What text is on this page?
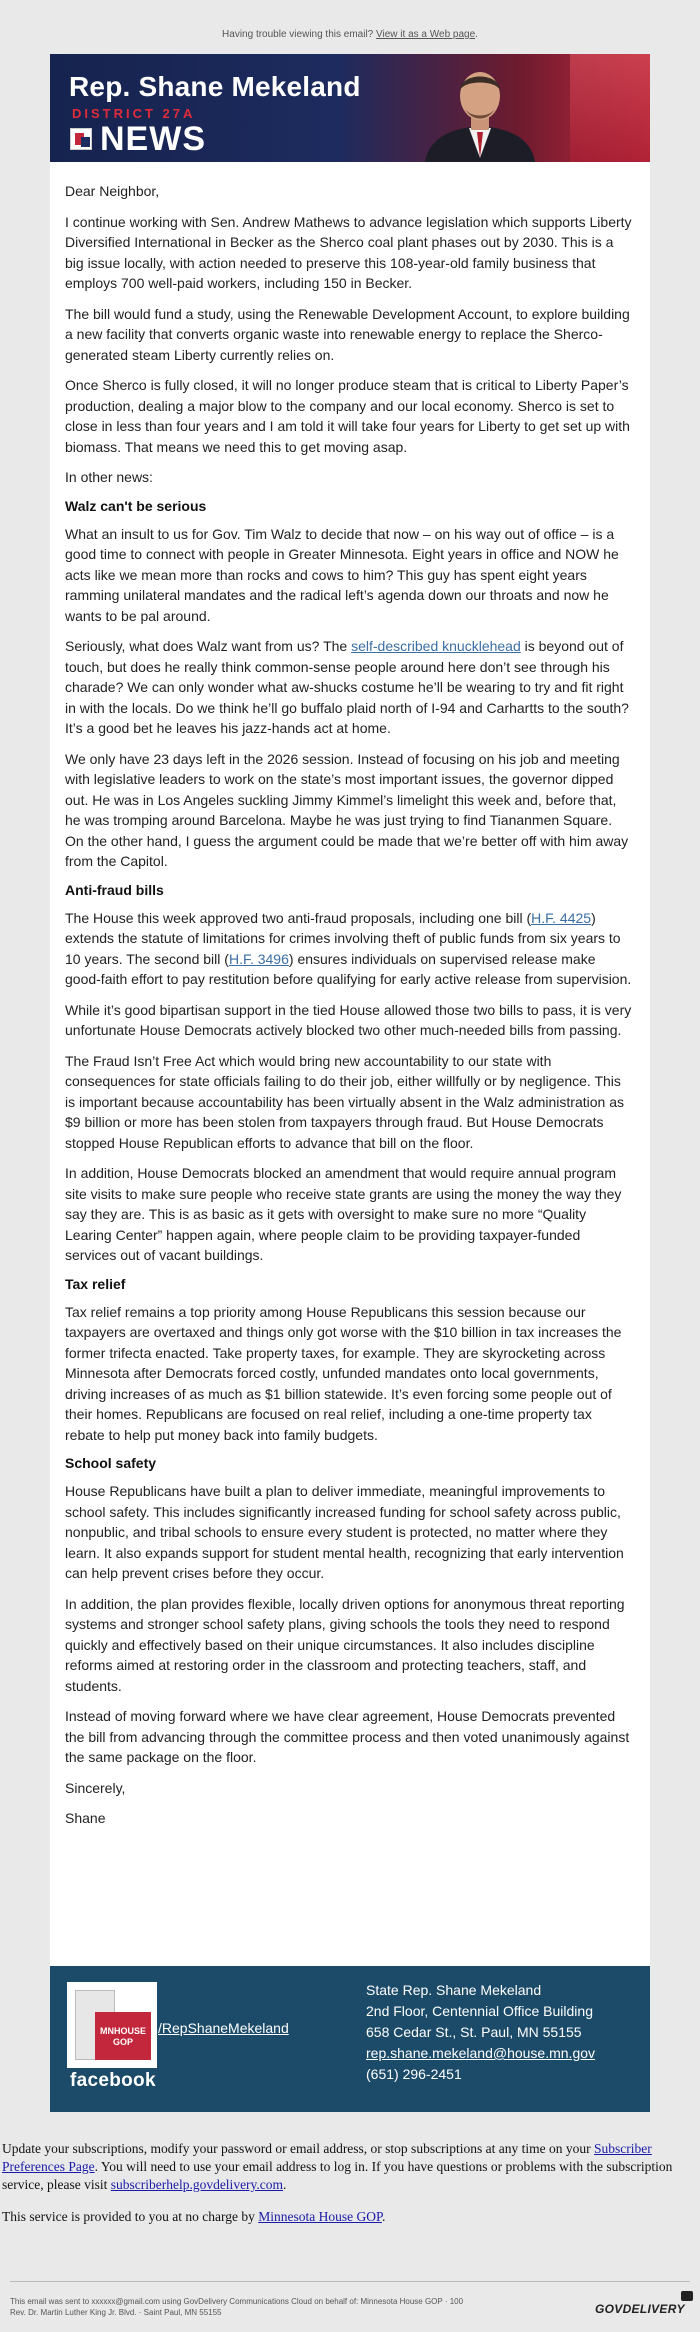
Having trouble viewing this email? View it as a Web page.
Rep. Shane Mekeland
DISTRICT 27A
NEWS

Dear Neighbor,

I continue working with Sen. Andrew Mathews to advance legislation which supports Liberty Diversified International in Becker as the Sherco coal plant phases out by 2030. This is a big issue locally, with action needed to preserve this 108-year-old family business that employs 700 well-paid workers, including 150 in Becker.

The bill would fund a study, using the Renewable Development Account, to explore building a new facility that converts organic waste into renewable energy to replace the Sherco-generated steam Liberty currently relies on.

Once Sherco is fully closed, it will no longer produce steam that is critical to Liberty Paper’s production, dealing a major blow to the company and our local economy. Sherco is set to close in less than four years and I am told it will take four years for Liberty to get set up with biomass. That means we need this to get moving asap.

In other news:

Walz can't be serious

What an insult to us for Gov. Tim Walz to decide that now – on his way out of office – is a good time to connect with people in Greater Minnesota. Eight years in office and NOW he acts like we mean more than rocks and cows to him? This guy has spent eight years ramming unilateral mandates and the radical left’s agenda down our throats and now he wants to be pal around.

Seriously, what does Walz want from us? The self-described knucklehead is beyond out of touch, but does he really think common-sense people around here don’t see through his charade? We can only wonder what aw-shucks costume he’ll be wearing to try and fit right in with the locals. Do we think he’ll go buffalo plaid north of I-94 and Carhartts to the south? It’s a good bet he leaves his jazz-hands act at home.

We only have 23 days left in the 2026 session. Instead of focusing on his job and meeting with legislative leaders to work on the state’s most important issues, the governor dipped out. He was in Los Angeles suckling Jimmy Kimmel’s limelight this week and, before that, he was tromping around Barcelona. Maybe he was just trying to find Tiananmen Square. On the other hand, I guess the argument could be made that we’re better off with him away from the Capitol.

Anti-fraud bills

The House this week approved two anti-fraud proposals, including one bill (H.F. 4425) extends the statute of limitations for crimes involving theft of public funds from six years to 10 years. The second bill (H.F. 3496) ensures individuals on supervised release make good-faith effort to pay restitution before qualifying for early active release from supervision.

While it’s good bipartisan support in the tied House allowed those two bills to pass, it is very unfortunate House Democrats actively blocked two other much-needed bills from passing.

The Fraud Isn’t Free Act which would bring new accountability to our state with consequences for state officials failing to do their job, either willfully or by negligence. This is important because accountability has been virtually absent in the Walz administration as $9 billion or more has been stolen from taxpayers through fraud. But House Democrats stopped House Republican efforts to advance that bill on the floor.

In addition, House Democrats blocked an amendment that would require annual program site visits to make sure people who receive state grants are using the money the way they say they are. This is as basic as it gets with oversight to make sure no more “Quality Learing Center” happen again, where people claim to be providing taxpayer-funded services out of vacant buildings.

Tax relief

Tax relief remains a top priority among House Republicans this session because our taxpayers are overtaxed and things only got worse with the $10 billion in tax increases the former trifecta enacted. Take property taxes, for example. They are skyrocketing across Minnesota after Democrats forced costly, unfunded mandates onto local governments, driving increases of as much as $1 billion statewide. It’s even forcing some people out of their homes. Republicans are focused on real relief, including a one-time property tax rebate to help put money back into family budgets.

School safety

House Republicans have built a plan to deliver immediate, meaningful improvements to school safety. This includes significantly increased funding for school safety across public, nonpublic, and tribal schools to ensure every student is protected, no matter where they learn. It also expands support for student mental health, recognizing that early intervention can help prevent crises before they occur.

In addition, the plan provides flexible, locally driven options for anonymous threat reporting systems and stronger school safety plans, giving schools the tools they need to respond quickly and effectively based on their unique circumstances. It also includes discipline reforms aimed at restoring order in the classroom and protecting teachers, staff, and students.

Instead of moving forward where we have clear agreement, House Democrats prevented the bill from advancing through the committee process and then voted unanimously against the same package on the floor.

Sincerely,

Shane

MNHOUSE
GOP
facebook
/RepShaneMekeland
State Rep. Shane Mekeland
2nd Floor, Centennial Office Building
658 Cedar St., St. Paul, MN 55155
rep.shane.mekeland@house.mn.gov
(651) 296-2451

Update your subscriptions, modify your password or email address, or stop subscriptions at any time on your Subscriber Preferences Page. You will need to use your email address to log in. If you have questions or problems with the subscription service, please visit subscriberhelp.govdelivery.com.

This service is provided to you at no charge by Minnesota House GOP.

This email was sent to xxxxxx@gmail.com using GovDelivery Communications Cloud on behalf of: Minnesota House GOP · 100
Rev. Dr. Martin Luther King Jr. Blvd. · Saint Paul, MN 55155	GOVDELIVERY
